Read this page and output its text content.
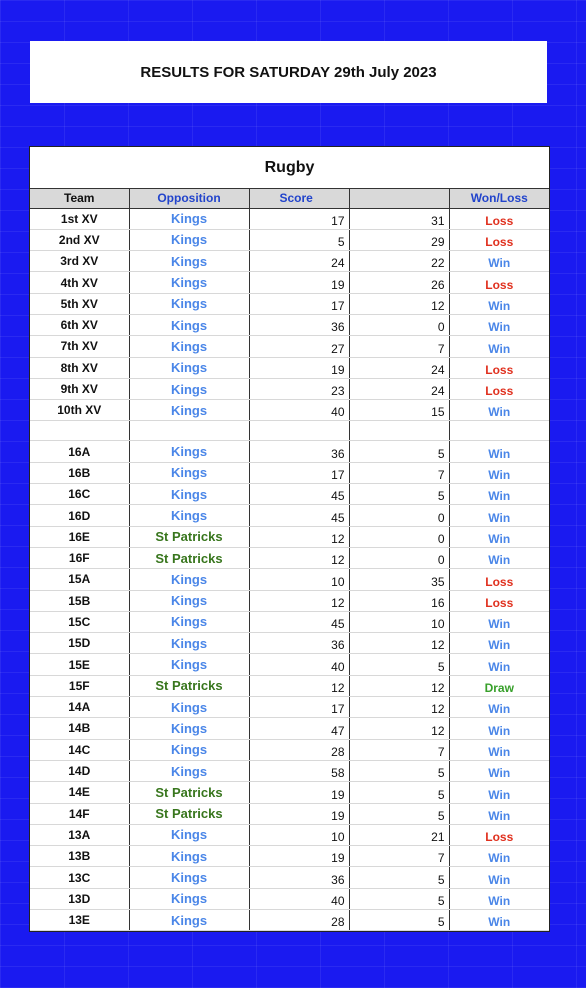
RESULTS FOR SATURDAY 29th July 2023
Rugby
Team	Opposition	Score		Won/Loss
1st XV	Kings	17	31	Loss
2nd XV	Kings	5	29	Loss
3rd XV	Kings	24	22	Win
4th XV	Kings	19	26	Loss
5th XV	Kings	17	12	Win
6th XV	Kings	36	0	Win
7th XV	Kings	27	7	Win
8th XV	Kings	19	24	Loss
9th XV	Kings	23	24	Loss
10th XV	Kings	40	15	Win

16A	Kings	36	5	Win
16B	Kings	17	7	Win
16C	Kings	45	5	Win
16D	Kings	45	0	Win
16E	St Patricks	12	0	Win
16F	St Patricks	12	0	Win
15A	Kings	10	35	Loss
15B	Kings	12	16	Loss
15C	Kings	45	10	Win
15D	Kings	36	12	Win
15E	Kings	40	5	Win
15F	St Patricks	12	12	Draw
14A	Kings	17	12	Win
14B	Kings	47	12	Win
14C	Kings	28	7	Win
14D	Kings	58	5	Win
14E	St Patricks	19	5	Win
14F	St Patricks	19	5	Win
13A	Kings	10	21	Loss
13B	Kings	19	7	Win
13C	Kings	36	5	Win
13D	Kings	40	5	Win
13E	Kings	28	5	Win
